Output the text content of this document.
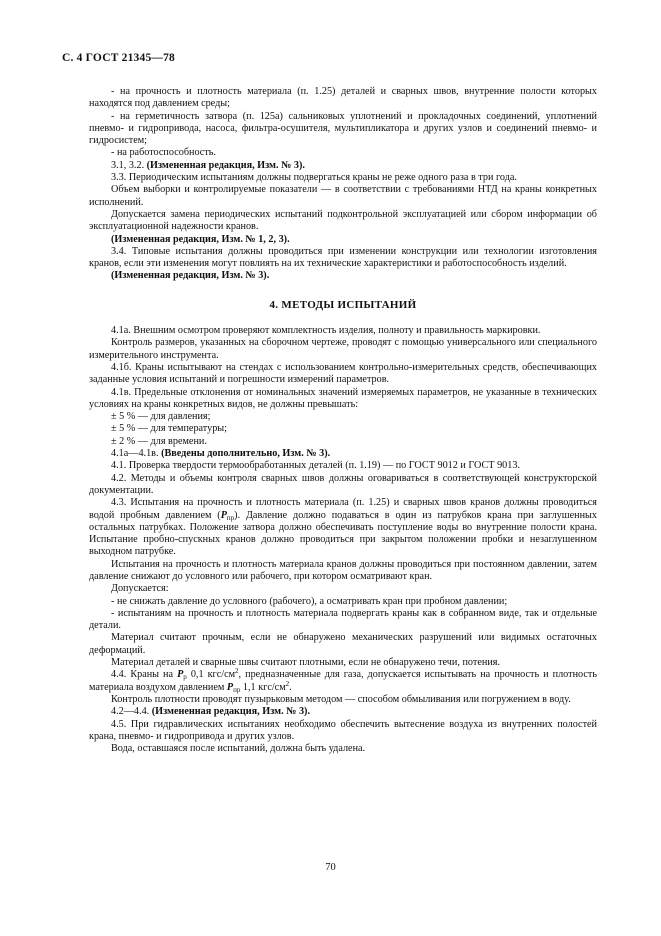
С. 4 ГОСТ 21345—78

- на прочность и плотность материала (п. 1.25) деталей и сварных швов, внутренние полости которых находятся под давлением среды;

- на герметичность затвора (п. 125а) сальниковых уплотнений и прокладочных соединений, уплотнений пневмо- и гидропривода, насоса, фильтра-осушителя, мультипликатора и других узлов и соединений пневмо- и гидросистем;

- на работоспособность.

3.1, 3.2. (Измененная редакция, Изм. № 3).

3.3. Периодическим испытаниям должны подвергаться краны не реже одного раза в три года.

Объем выборки и контролируемые показатели — в соответствии с требованиями НТД на краны конкретных исполнений.

Допускается замена периодических испытаний подконтрольной эксплуатацией или сбором информации об эксплуатационной надежности кранов.

(Измененная редакция, Изм. № 1, 2, 3).

3.4. Типовые испытания должны проводиться при изменении конструкции или технологии изготовления кранов, если эти изменения могут повлиять на их технические характеристики и работоспособность изделий.

(Измененная редакция, Изм. № 3).

4. МЕТОДЫ ИСПЫТАНИЙ

4.1а. Внешним осмотром проверяют комплектность изделия, полноту и правильность маркировки.

Контроль размеров, указанных на сборочном чертеже, проводят с помощью универсального или специального измерительного инструмента.

4.1б. Краны испытывают на стендах с использованием контрольно-измерительных средств, обеспечивающих заданные условия испытаний и погрешности измерений параметров.

4.1в. Предельные отклонения от номинальных значений измеряемых параметров, не указанные в технических условиях на краны конкретных видов, не должны превышать:

± 5 % — для давления;

± 5 % — для температуры;

± 2 % — для времени.

4.1а—4.1в. (Введены дополнительно, Изм. № 3).

4.1. Проверка твердости термообработанных деталей (п. 1.19) — по ГОСТ 9012 и ГОСТ 9013.

4.2. Методы и объемы контроля сварных швов должны оговариваться в соответствующей конструкторской документации.

4.3. Испытания на прочность и плотность материала (п. 1.25) и сварных швов кранов должны проводиться водой пробным давлением $(P_{пр})$. Давление должно подаваться в один из патрубков крана при заглушенных остальных патрубках. Положение затвора должно обеспечивать поступление воды во внутренние полости крана. Испытание пробно-спускных кранов должно проводиться при закрытом положении пробки и незаглушенном выходном патрубке.

Испытания на прочность и плотность материала кранов должны проводиться при постоянном давлении, затем давление снижают до условного или рабочего, при котором осматривают кран.

Допускается:

- не снижать давление до условного (рабочего), а осматривать кран при пробном давлении;

- испытаниям на прочность и плотность материала подвергать краны как в собранном виде, так и отдельные детали.

Материал считают прочным, если не обнаружено механических разрушений или видимых остаточных деформаций.

Материал деталей и сварные швы считают плотными, если не обнаружено течи, потения.

4.4. Краны на $P_р$ 0,1 кгс/$см^2$, предназначенные для газа, допускается испытывать на прочность и плотность материала воздухом давлением $P_{пр}$ 1,1 кгс/$см^2$.

Контроль плотности проводят пузырьковым методом — способом обмыливания или погружением в воду.

4.2—4.4. (Измененная редакция, Изм. № 3).

4.5. При гидравлических испытаниях необходимо обеспечить вытеснение воздуха из внутренних полостей крана, пневмо- и гидропривода и других узлов.

Вода, оставшаяся после испытаний, должна быть удалена.

70
